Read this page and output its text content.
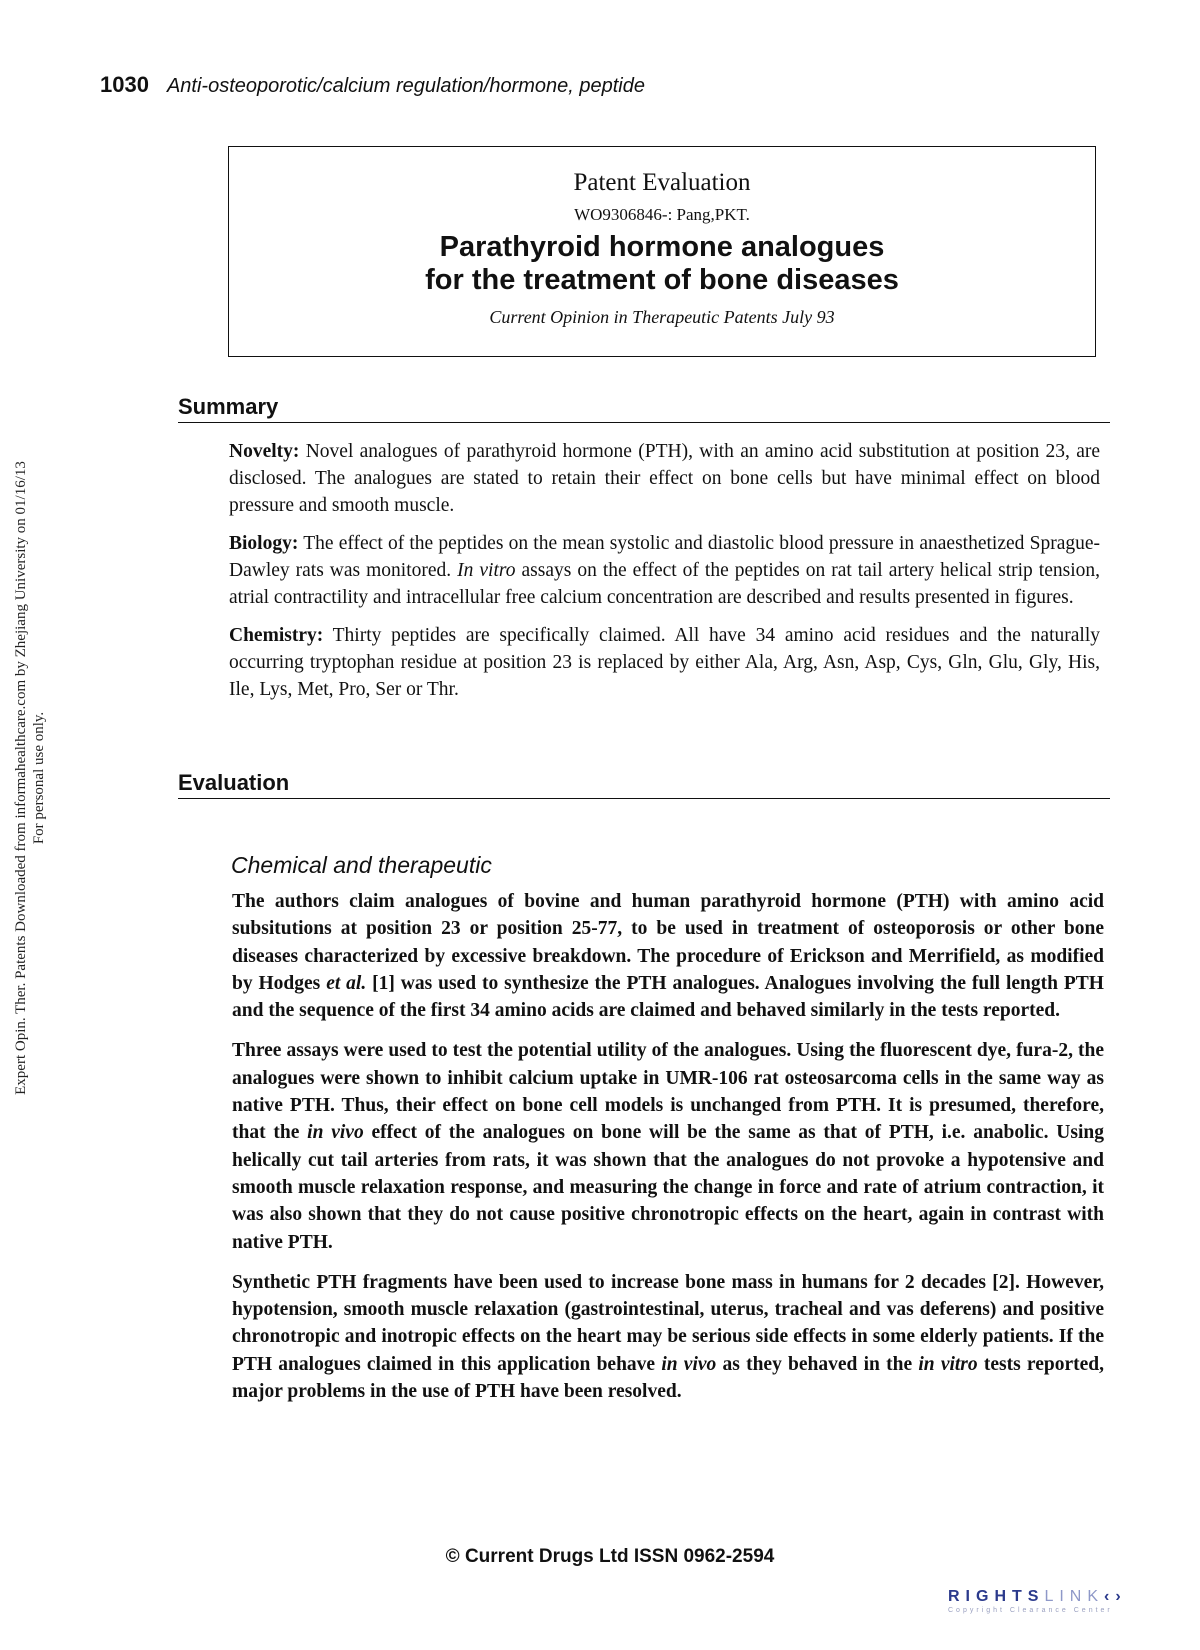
1030 Anti-osteoporotic/calcium regulation/hormone, peptide
Expert Opin. Ther. Patents Downloaded from informahealthcare.com by Zhejiang University on 01/16/13 For personal use only.
Patent Evaluation
WO9306846-: Pang,PKT.
Parathyroid hormone analogues
for the treatment of bone diseases
Current Opinion in Therapeutic Patents July 93
Summary

Novelty: Novel analogues of parathyroid hormone (PTH), with an amino acid substitution at position 23, are disclosed. The analogues are stated to retain their effect on bone cells but have minimal effect on blood pressure and smooth muscle.

Biology: The effect of the peptides on the mean systolic and diastolic blood pressure in anaesthetized Sprague-Dawley rats was monitored. In vitro assays on the effect of the peptides on rat tail artery helical strip tension, atrial contractility and intracellular free calcium concentration are described and results presented in figures.

Chemistry: Thirty peptides are specifically claimed. All have 34 amino acid residues and the naturally occurring tryptophan residue at position 23 is replaced by either Ala, Arg, Asn, Asp, Cys, Gln, Glu, Gly, His, Ile, Lys, Met, Pro, Ser or Thr.

Evaluation
Chemical and therapeutic

The authors claim analogues of bovine and human parathyroid hormone (PTH) with amino acid subsitutions at position 23 or position 25-77, to be used in treatment of osteoporosis or other bone diseases characterized by excessive breakdown. The procedure of Erickson and Merrifield, as modified by Hodges et al. [1] was used to synthesize the PTH analogues. Analogues involving the full length PTH and the sequence of the first 34 amino acids are claimed and behaved similarly in the tests reported.

Three assays were used to test the potential utility of the analogues. Using the fluorescent dye, fura-2, the analogues were shown to inhibit calcium uptake in UMR-106 rat osteosarcoma cells in the same way as native PTH. Thus, their effect on bone cell models is unchanged from PTH. It is presumed, therefore, that the in vivo effect of the analogues on bone will be the same as that of PTH, i.e. anabolic. Using helically cut tail arteries from rats, it was shown that the analogues do not provoke a hypotensive and smooth muscle relaxation response, and measuring the change in force and rate of atrium contraction, it was also shown that they do not cause positive chronotropic effects on the heart, again in contrast with native PTH.

Synthetic PTH fragments have been used to increase bone mass in humans for 2 decades [2]. However, hypotension, smooth muscle relaxation (gastrointestinal, uterus, tracheal and vas deferens) and positive chronotropic and inotropic effects on the heart may be serious side effects in some elderly patients. If the PTH analogues claimed in this application behave in vivo as they behaved in the in vitro tests reported, major problems in the use of PTH have been resolved.

© Current Drugs Ltd ISSN 0962-2594
RIGHTSLINK‹›
Copyright Clearance Center
